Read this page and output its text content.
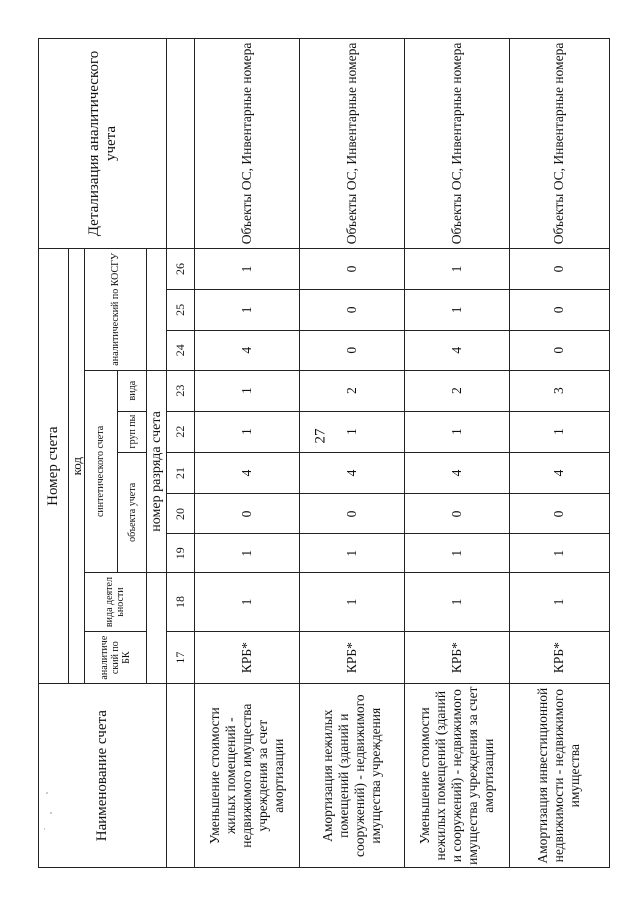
27
Наименование счета	Номер счета										Детализация аналитического учета
	код										
	аналитиче ский по БК	вида деятел ьности	синтетического счета					аналитический по КОСГУ			
			объекта учета			груп пы	вида				
			номер разряда счета								
	17	18	19	20	21	22	23	24	25	26	
Уменьшение стоимости жилых помещений - недвижимого имущества учреждения за счет амортизации	КРБ*	1	1	0	4	1	1	4	1	1	Объекты ОС, Инвентарные номера
Амортизация нежилых помещений (зданий и сооружений) - недвижимого имущества учреждения	КРБ*	1	1	0	4	1	2	0	0	0	Объекты ОС, Инвентарные номера
Уменьшение стоимости нежилых помещений (зданий и сооружений) - недвижимого имущества учреждения за счет амортизации	КРБ*	1	1	0	4	1	2	4	1	1	Объекты ОС, Инвентарные номера
Амортизация инвестиционной недвижимости - недвижимого имущества	КРБ*	1	1	0	4	1	3	0	0	0	Объекты ОС, Инвентарные номера
